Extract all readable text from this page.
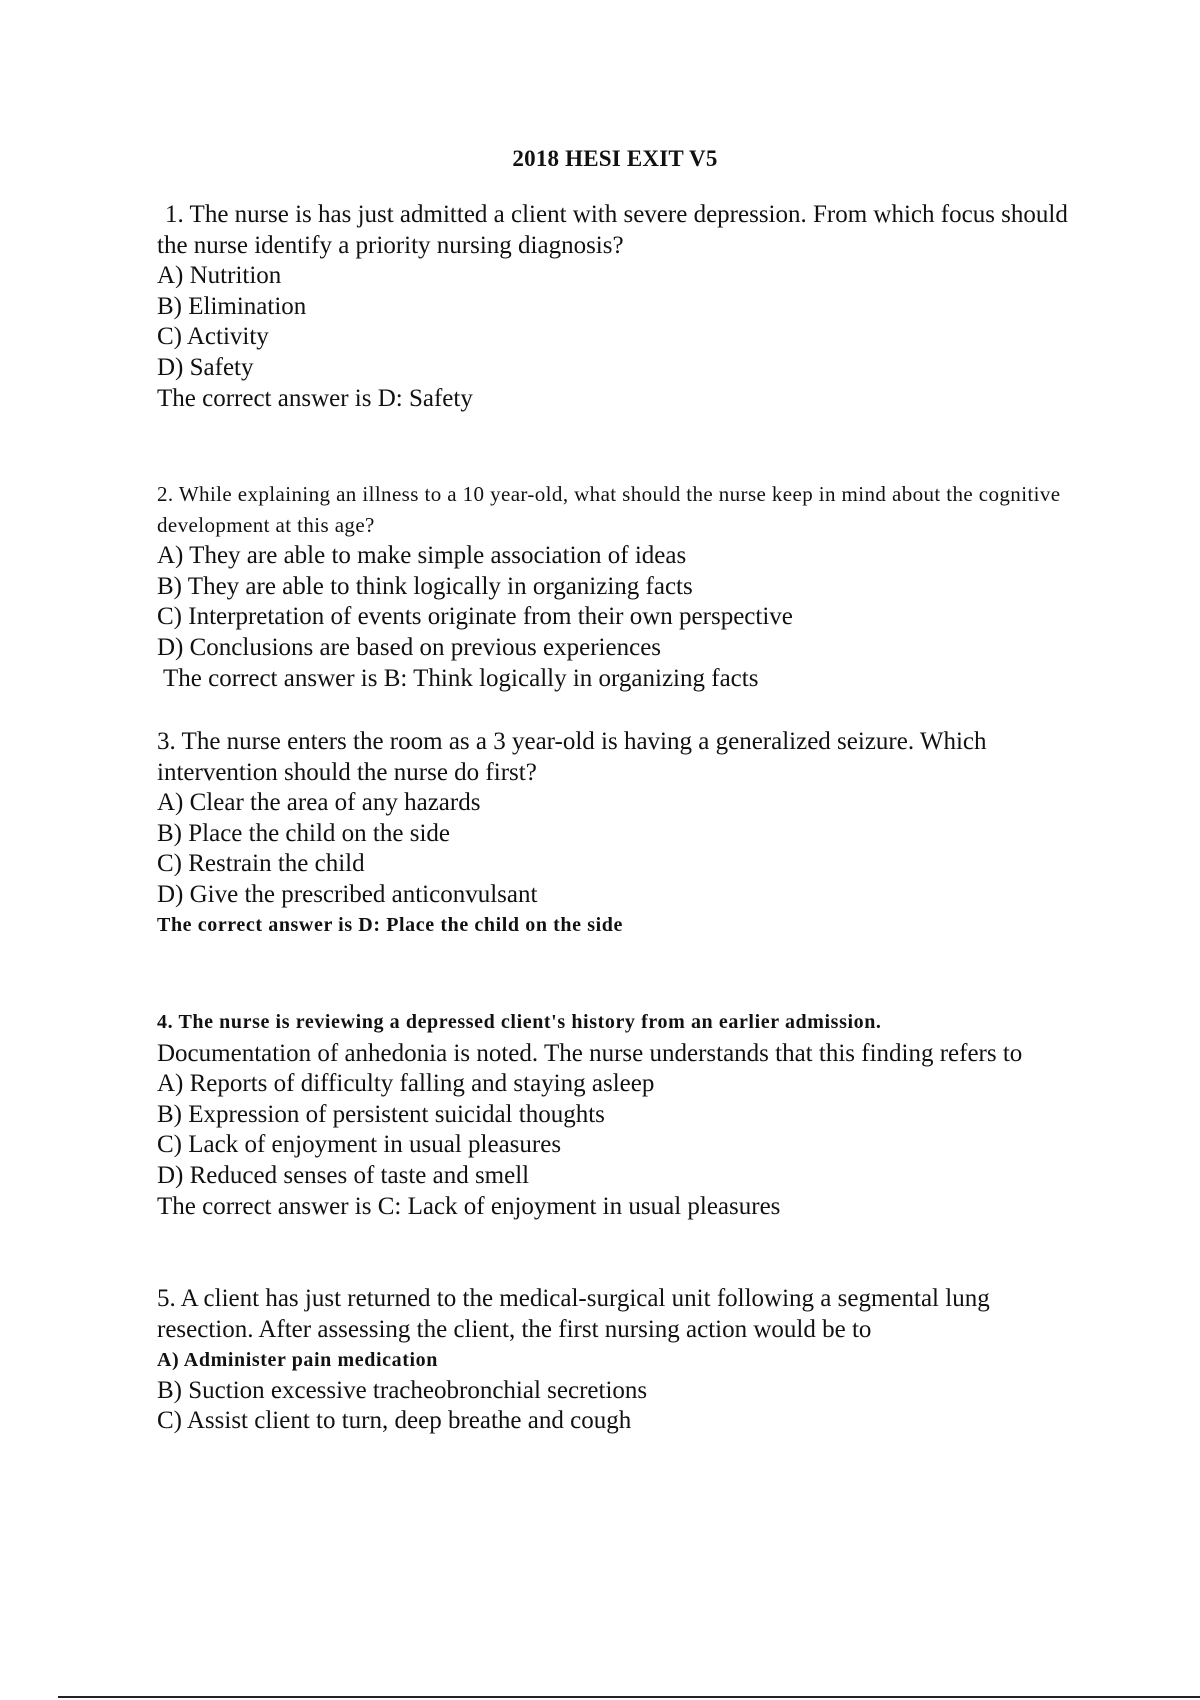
2018 HESI EXIT V5

1. The nurse is has just admitted a client with severe depression. From which focus should the nurse identify a priority nursing diagnosis?

A) Nutrition

B) Elimination

C) Activity

D) Safety

The correct answer is D: Safety

2. While explaining an illness to a 10 year-old, what should the nurse keep in mind about the cognitive development at this age?

A) They are able to make simple association of ideas

B) They are able to think logically in organizing facts

C) Interpretation of events originate from their own perspective

D) Conclusions are based on previous experiences

The correct answer is B: Think logically in organizing facts

3. The nurse enters the room as a 3 year-old is having a generalized seizure. Which intervention should the nurse do first?

A) Clear the area of any hazards

B) Place the child on the side

C) Restrain the child

D) Give the prescribed anticonvulsant

The correct answer is D: Place the child on the side

4. The nurse is reviewing a depressed client's history from an earlier admission.

Documentation of anhedonia is noted. The nurse understands that this finding refers to

A) Reports of difficulty falling and staying asleep

B) Expression of persistent suicidal thoughts

C) Lack of enjoyment in usual pleasures

D) Reduced senses of taste and smell

The correct answer is C: Lack of enjoyment in usual pleasures

5. A client has just returned to the medical-surgical unit following a segmental lung resection. After assessing the client, the first nursing action would be to

A) Administer pain medication

B) Suction excessive tracheobronchial secretions

C) Assist client to turn, deep breathe and cough
